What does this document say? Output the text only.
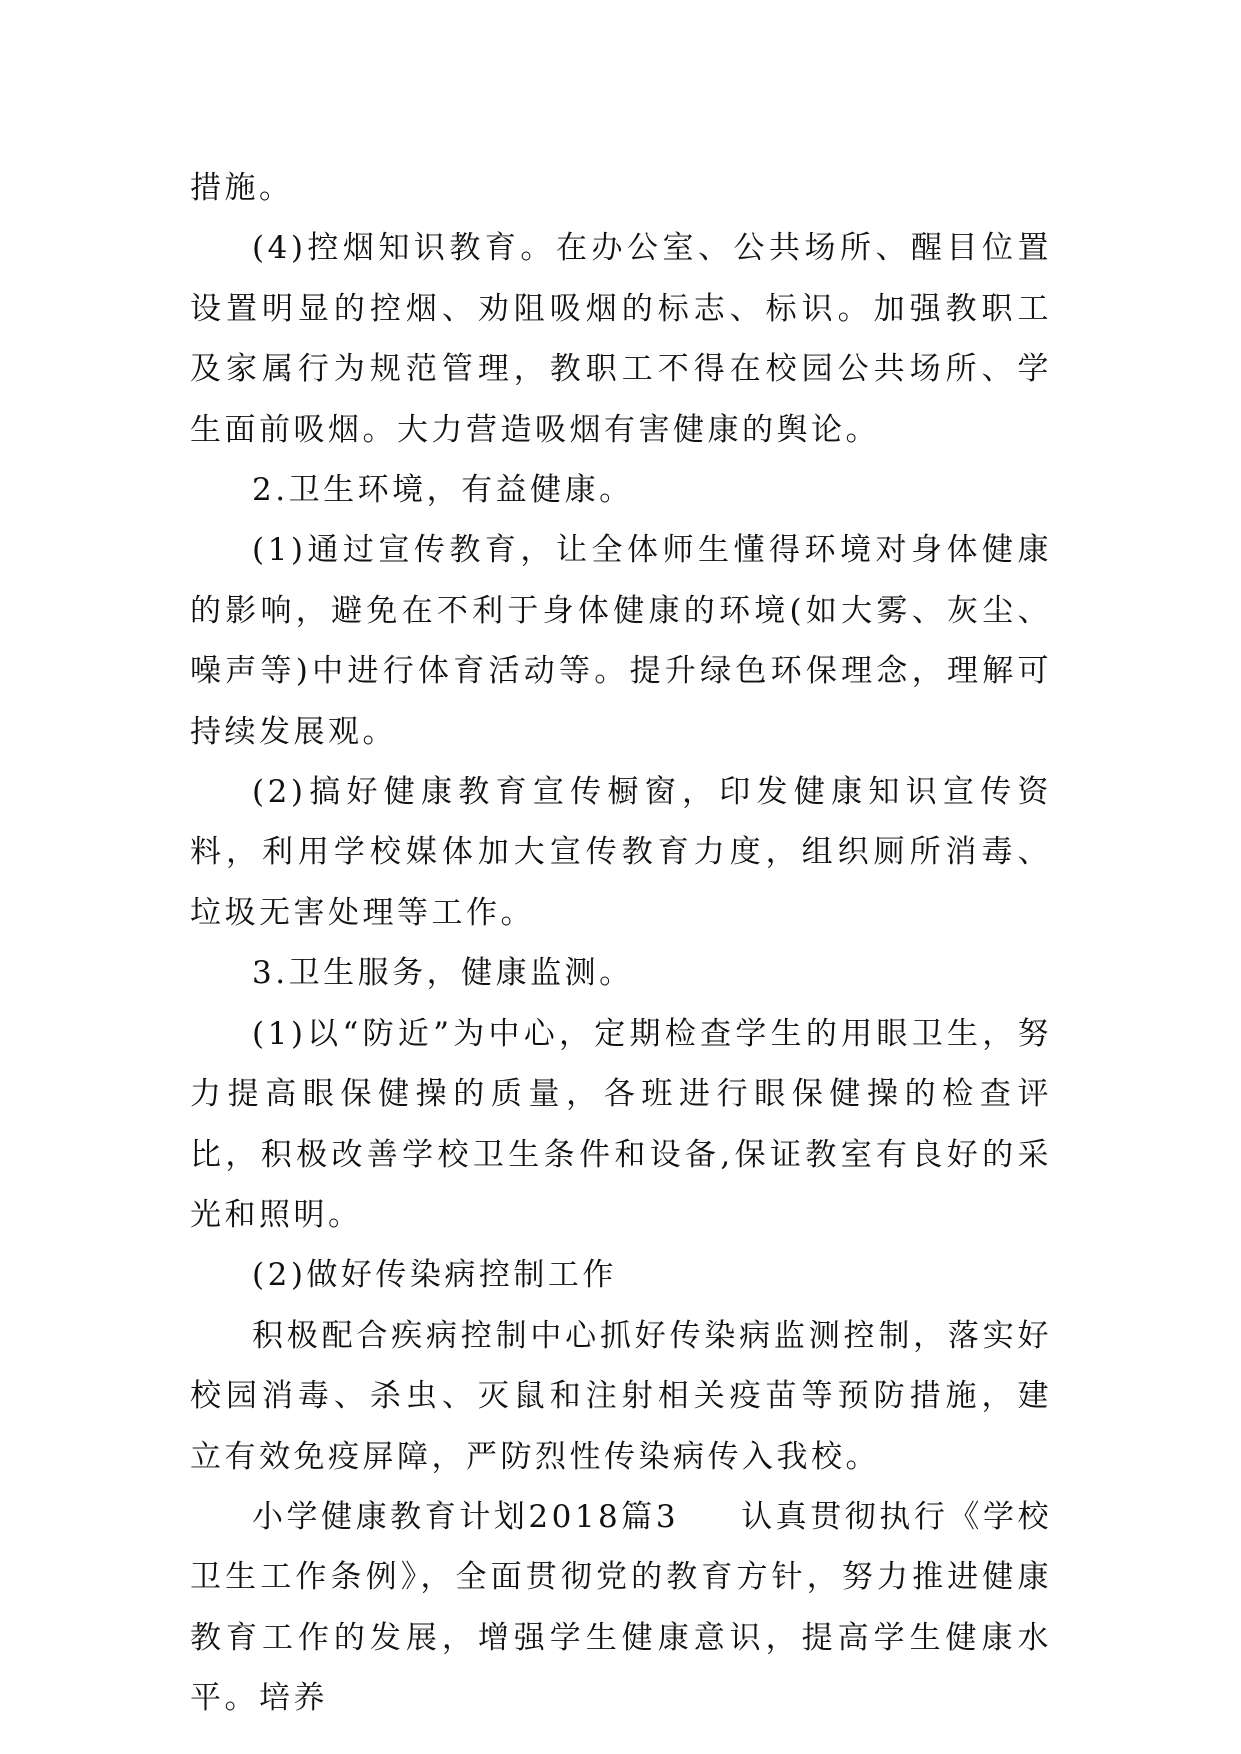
措施。

(4)控烟知识教育。在办公室、公共场所、醒目位置设置明显的控烟、劝阻吸烟的标志、标识。加强教职工及家属行为规范管理，教职工不得在校园公共场所、学生面前吸烟。大力营造吸烟有害健康的舆论。

2.卫生环境，有益健康。

(1)通过宣传教育，让全体师生懂得环境对身体健康的影响，避免在不利于身体健康的环境(如大雾、灰尘、噪声等)中进行体育活动等。提升绿色环保理念，理解可持续发展观。

(2)搞好健康教育宣传橱窗，印发健康知识宣传资料，利用学校媒体加大宣传教育力度，组织厕所消毒、垃圾无害处理等工作。

3.卫生服务，健康监测。

(1)以“防近”为中心，定期检查学生的用眼卫生，努力提高眼保健操的质量，各班进行眼保健操的检查评比，积极改善学校卫生条件和设备,保证教室有良好的采光和照明。

(2)做好传染病控制工作

积极配合疾病控制中心抓好传染病监测控制，落实好校园消毒、杀虫、灭鼠和注射相关疫苗等预防措施，建立有效免疫屏障，严防烈性传染病传入我校。

小学健康教育计划2018篇3 认真贯彻执行《学校卫生工作条例》，全面贯彻党的教育方针，努力推进健康教育工作的发展，增强学生健康意识，提高学生健康水平。培养
